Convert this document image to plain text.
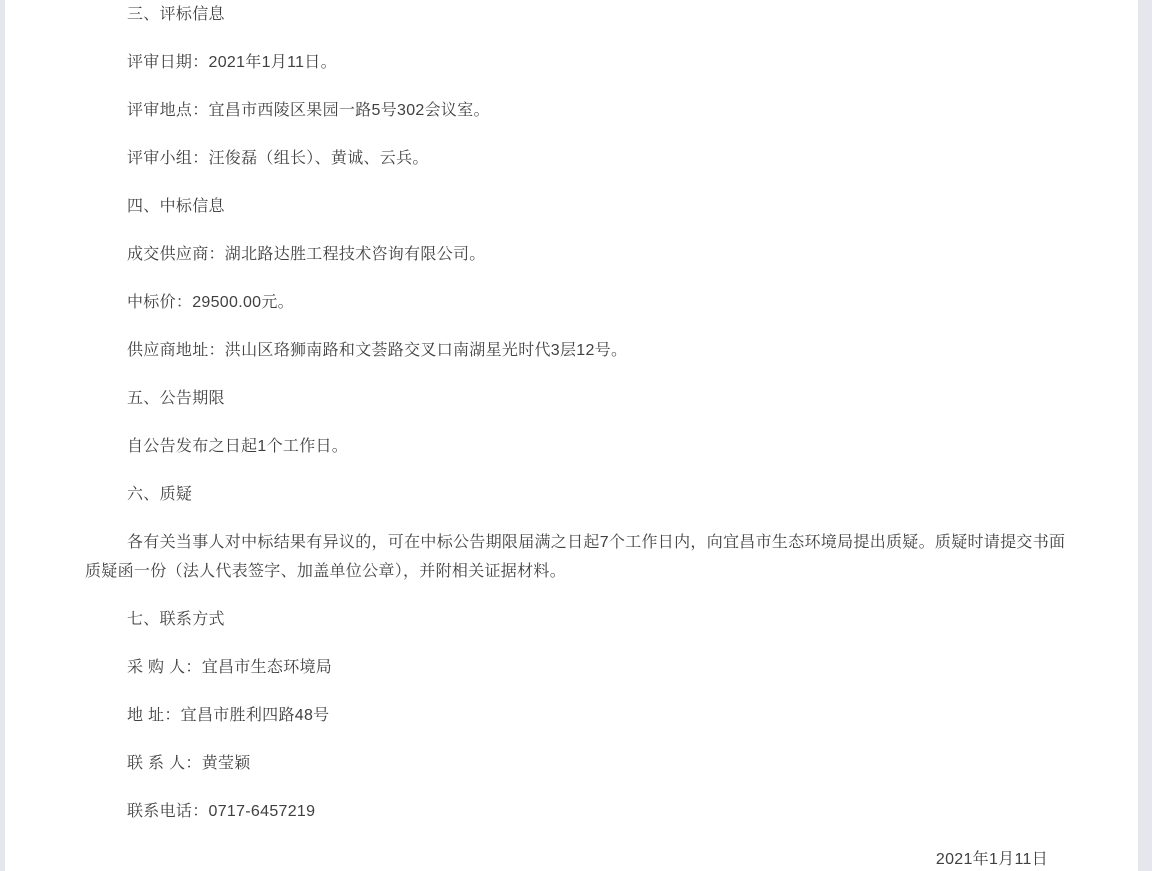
三、评标信息

评审日期：2021年1月11日。

评审地点：宜昌市西陵区果园一路5号302会议室。

评审小组：汪俊磊（组长）、黄诚、云兵。

四、中标信息

成交供应商：湖北路达胜工程技术咨询有限公司。

中标价：29500.00元。

供应商地址：洪山区珞狮南路和文荟路交叉口南湖星光时代3层12号。

五、公告期限

自公告发布之日起1个工作日。

六、质疑

各有关当事人对中标结果有异议的，可在中标公告期限届满之日起7个工作日内，向宜昌市生态环境局提出质疑。质疑时请提交书面质疑函一份（法人代表签字、加盖单位公章），并附相关证据材料。

七、联系方式

采 购 人：宜昌市生态环境局

地 址：宜昌市胜利四路48号

联 系 人：黄莹颖

联系电话：0717-6457219

2021年1月11日
